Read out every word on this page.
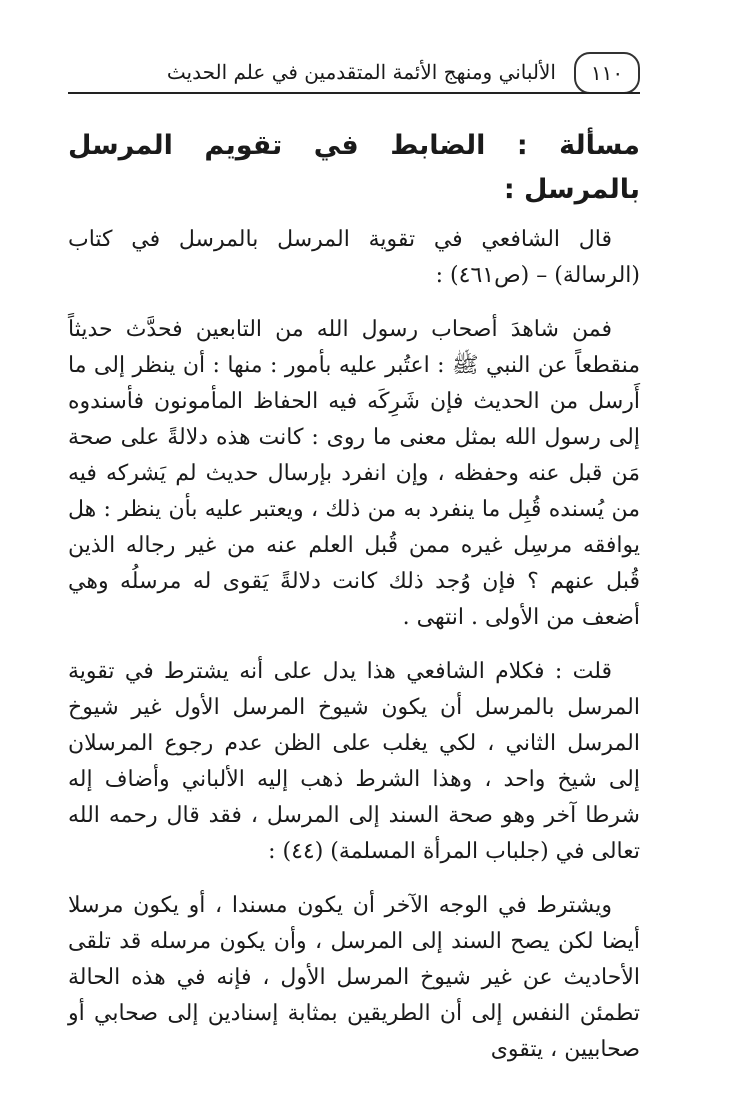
١١٠
الألباني ومنهج الأئمة المتقدمين في علم الحديث
مسألة : الضابط في تقويم المرسل بالمرسل :

قال الشافعي في تقوية المرسل بالمرسل في كتاب (الرسالة) – (ص٤٦١) :

فمن شاهدَ أصحاب رسول الله من التابعين فحدَّث حديثاً منقطعاً عن النبي ﷺ : اعتُبر عليه بأمور : منها : أن ينظر إلى ما أَرسل من الحديث فإن شَرِكَه فيه الحفاظ المأمونون فأسندوه إلى رسول الله بمثل معنى ما روى : كانت هذه دلالةً على صحة مَن قبل عنه وحفظه ، وإن انفرد بإرسال حديث لم يَشركه فيه من يُسنده قُبِل ما ينفرد به من ذلك ، ويعتبر عليه بأن ينظر : هل يوافقه مرسِل غيره ممن قُبل العلم عنه من غير رجاله الذين قُبل عنهم ؟ فإن وُجد ذلك كانت دلالةً يَقوى له مرسلُه وهي أضعف من الأولى . انتهى .

قلت : فكلام الشافعي هذا يدل على أنه يشترط في تقوية المرسل بالمرسل أن يكون شيوخ المرسل الأول غير شيوخ المرسل الثاني ، لكي يغلب على الظن عدم رجوع المرسلان إلى شيخ واحد ، وهذا الشرط ذهب إليه الألباني وأضاف إله شرطا آخر وهو صحة السند إلى المرسل ، فقد قال رحمه الله تعالى في (جلباب المرأة المسلمة) (٤٤) :

ويشترط في الوجه الآخر أن يكون مسندا ، أو يكون مرسلا أيضا لكن يصح السند إلى المرسل ، وأن يكون مرسله قد تلقى الأحاديث عن غير شيوخ المرسل الأول ، فإنه في هذه الحالة تطمئن النفس إلى أن الطريقين بمثابة إسنادين إلى صحابي أو صحابيين ، يتقوى
